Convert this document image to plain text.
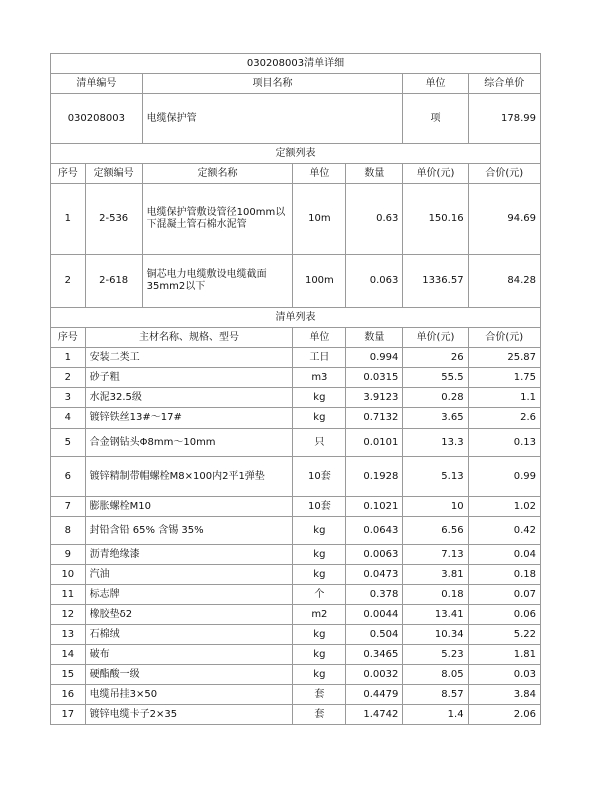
030208003清单详细						
清单编号		项目名称			单位	综合单价
030208003		电缆保护管			项	178.99
定额列表						
序号	定额编号	定额名称	单位	数量	单价(元)	合价(元)
1	2-536	电缆保护管敷设管径100mm以下混凝土管石棉水泥管	10m	0.63	150.16	94.69
2	2-618	铜芯电力电缆敷设电缆截面35mm2以下	100m	0.063	1336.57	84.28
清单列表						
序号	主材名称、规格、型号		单位	数量	单价(元)	合价(元)
1	安装二类工		工日	0.994	26	25.87
2	砂子粗		m3	0.0315	55.5	1.75
3	水泥32.5级		kg	3.9123	0.28	1.1
4	镀锌铁丝13#～17#		kg	0.7132	3.65	2.6
5	合金钢钻头Φ8mm～10mm		只	0.0101	13.3	0.13
6	镀锌精制带帽螺栓M8×100内2平1弹垫		10套	0.1928	5.13	0.99
7	膨胀螺栓M10		10套	0.1021	10	1.02
8	封铅含铅 65% 含锡 35%		kg	0.0643	6.56	0.42
9	沥青绝缘漆		kg	0.0063	7.13	0.04
10	汽油		kg	0.0473	3.81	0.18
11	标志牌		个	0.378	0.18	0.07
12	橡胶垫δ2		m2	0.0044	13.41	0.06
13	石棉绒		kg	0.504	10.34	5.22
14	破布		kg	0.3465	5.23	1.81
15	硬酯酸一级		kg	0.0032	8.05	0.03
16	电缆吊挂3×50		套	0.4479	8.57	3.84
17	镀锌电缆卡子2×35		套	1.4742	1.4	2.06
